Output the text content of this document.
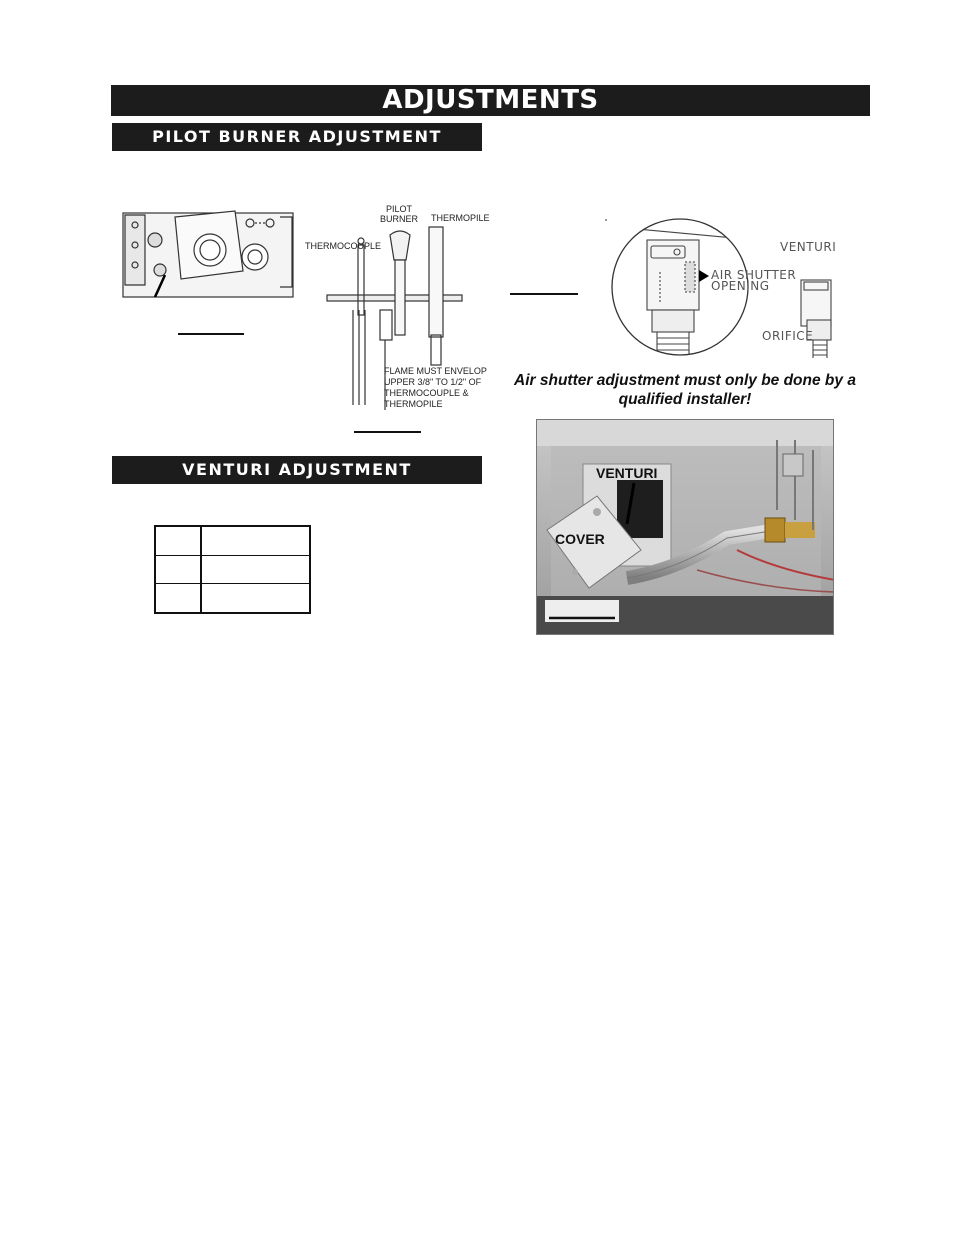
ADJUSTMENTS
PILOT BURNER ADJUSTMENT
VENTURI ADJUSTMENT
PILOT
BURNER THERMOPILE
THERMOCOUPLE
FLAME MUST ENVELOP
UPPER 3/8" TO 1/2" OF
THERMOCOUPLE &
THERMOPILE
VENTURI
AIR SHUTTER
OPENING
ORIFICE
Air shutter adjustment must only be done by a qualified installer!
VENTURI
COVER
